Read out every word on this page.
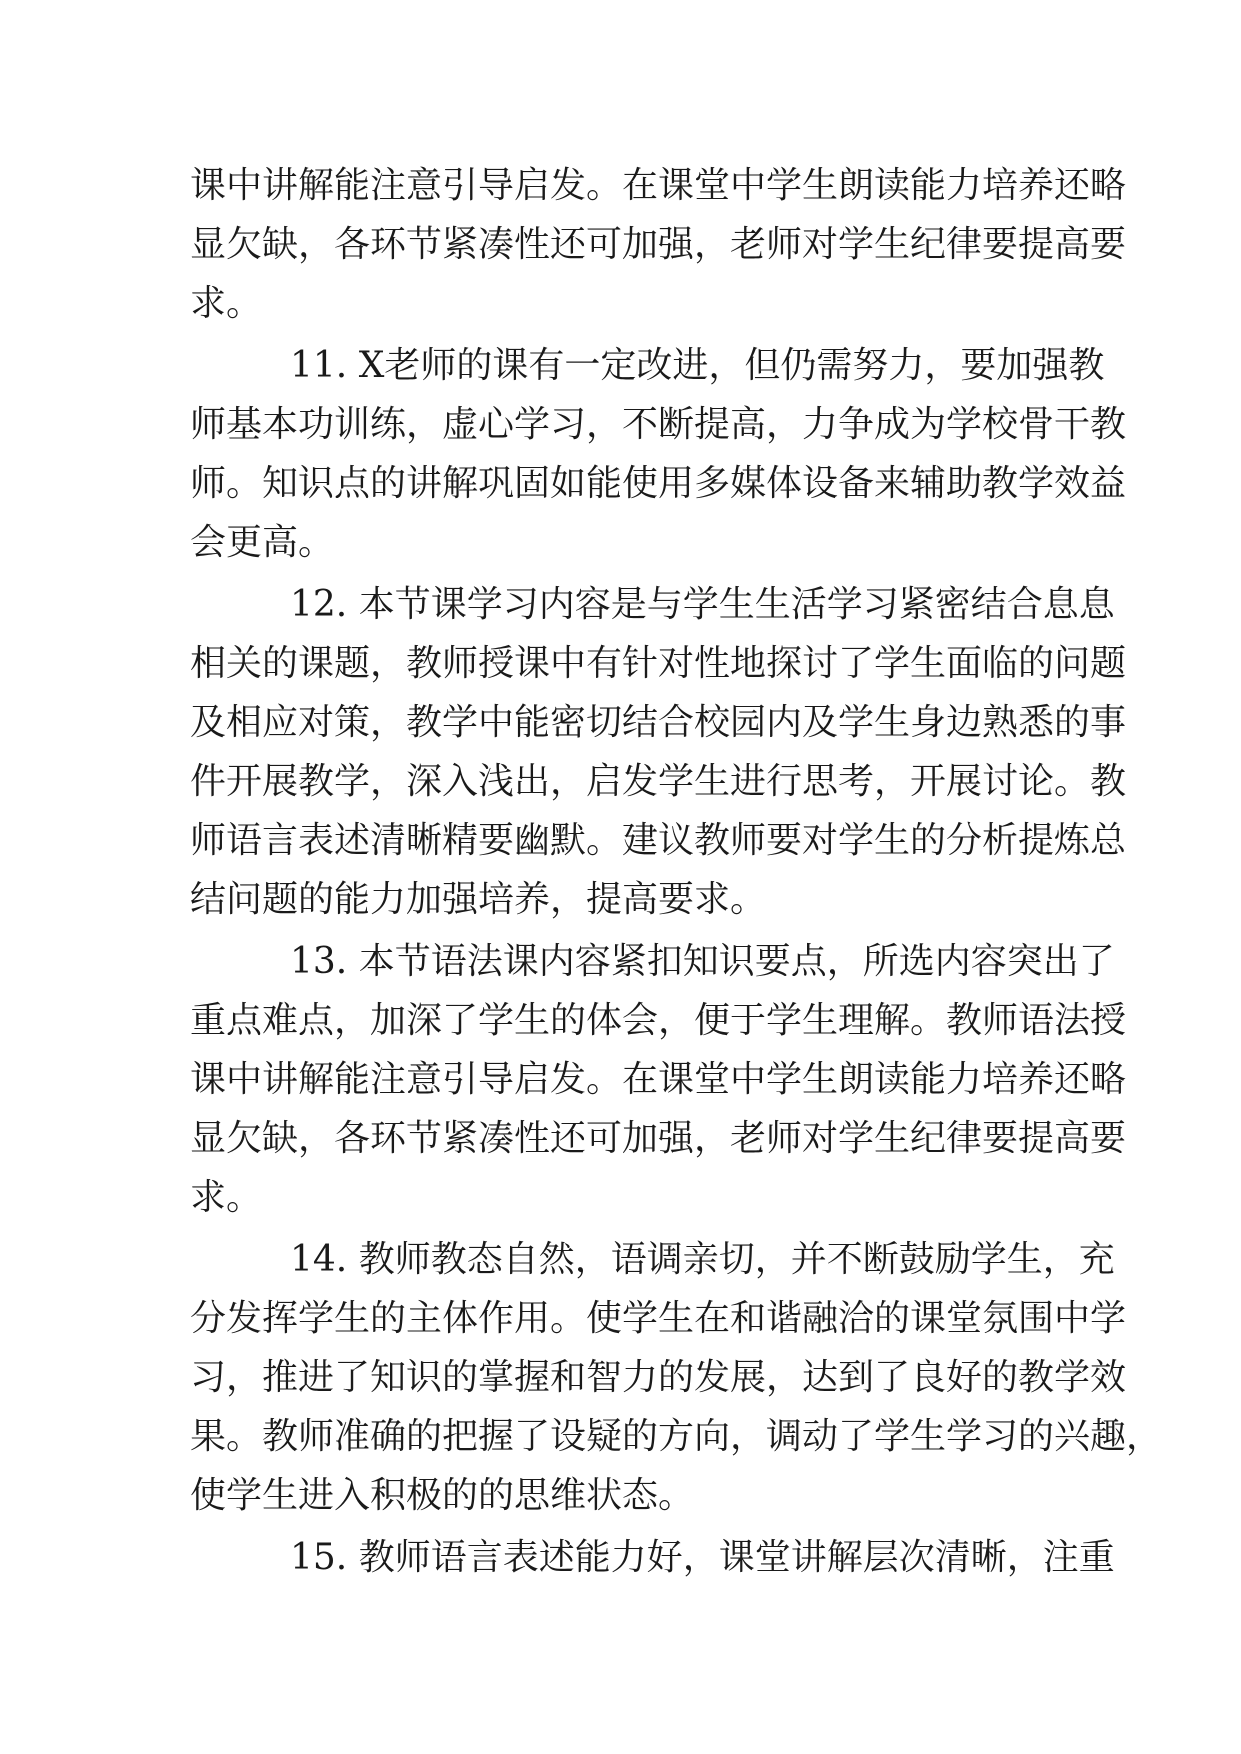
课中讲解能注意引导启发。在课堂中学生朗读能力培养还略
显欠缺，各环节紧凑性还可加强，老师对学生纪律要提高要
求。
11. X老师的课有一定改进，但仍需努力，要加强教
师基本功训练，虚心学习，不断提高，力争成为学校骨干教
师。知识点的讲解巩固如能使用多媒体设备来辅助教学效益
会更高。
12. 本节课学习内容是与学生生活学习紧密结合息息
相关的课题，教师授课中有针对性地探讨了学生面临的问题
及相应对策，教学中能密切结合校园内及学生身边熟悉的事
件开展教学，深入浅出，启发学生进行思考，开展讨论。教
师语言表述清晰精要幽默。建议教师要对学生的分析提炼总
结问题的能力加强培养，提高要求。
13. 本节语法课内容紧扣知识要点，所选内容突出了
重点难点，加深了学生的体会，便于学生理解。教师语法授
课中讲解能注意引导启发。在课堂中学生朗读能力培养还略
显欠缺，各环节紧凑性还可加强，老师对学生纪律要提高要
求。
14. 教师教态自然，语调亲切，并不断鼓励学生，充
分发挥学生的主体作用。使学生在和谐融洽的课堂氛围中学
习，推进了知识的掌握和智力的发展，达到了良好的教学效
果。教师准确的把握了设疑的方向，调动了学生学习的兴趣，
使学生进入积极的的思维状态。
15. 教师语言表述能力好，课堂讲解层次清晰，注重
